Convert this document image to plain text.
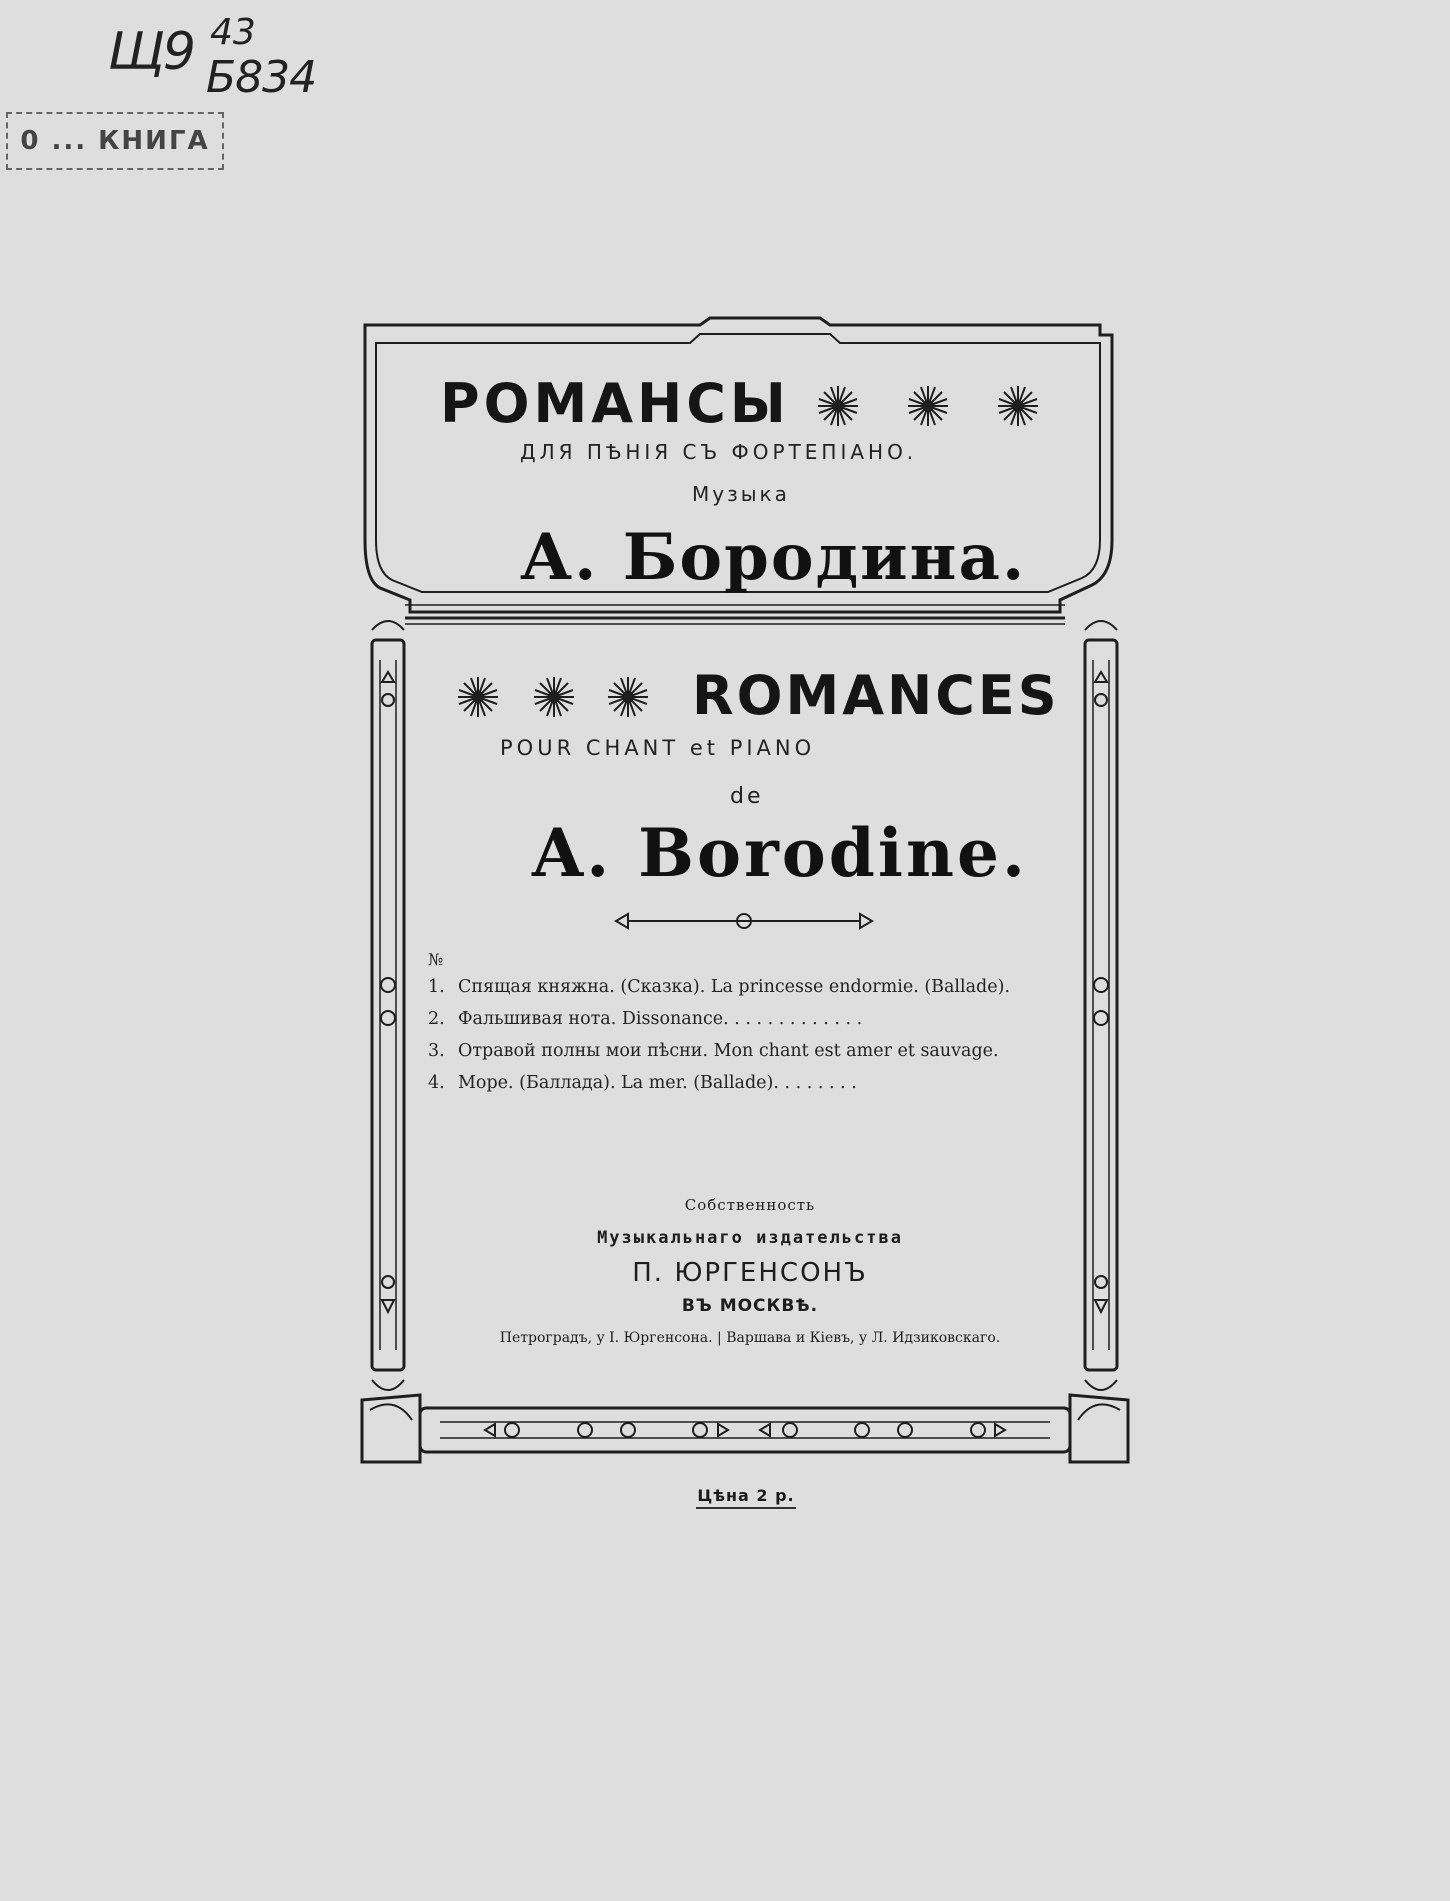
Щ9 43
Б834
0 ... КНИГА
РОМАНСЫ
ДЛЯ ПѢНІЯ СЪ ФОРТЕПІАНО.
Музыка
А. Бородина.
ROMANCES
POUR CHANT et PIANO
de
A. Borodine.
№
1. Спящая княжна. (Сказка). La princesse endormie. (Ballade).
2. Фальшивая нота. Dissonance. . . . . . . . . . . . .
3. Отравой полны мои пѣсни. Mon chant est amer et sauvage.
4. Море. (Баллада). La mer. (Ballade). . . . . . . .
Собственность
Музыкальнаго издательства
П. ЮРГЕНСОНЪ
ВЪ МОСКВѢ.
Петроградъ, у I. Юргенсона. | Варшава и Кіевъ, у Л. Идзиковскаго.
Цѣна 2 р.
